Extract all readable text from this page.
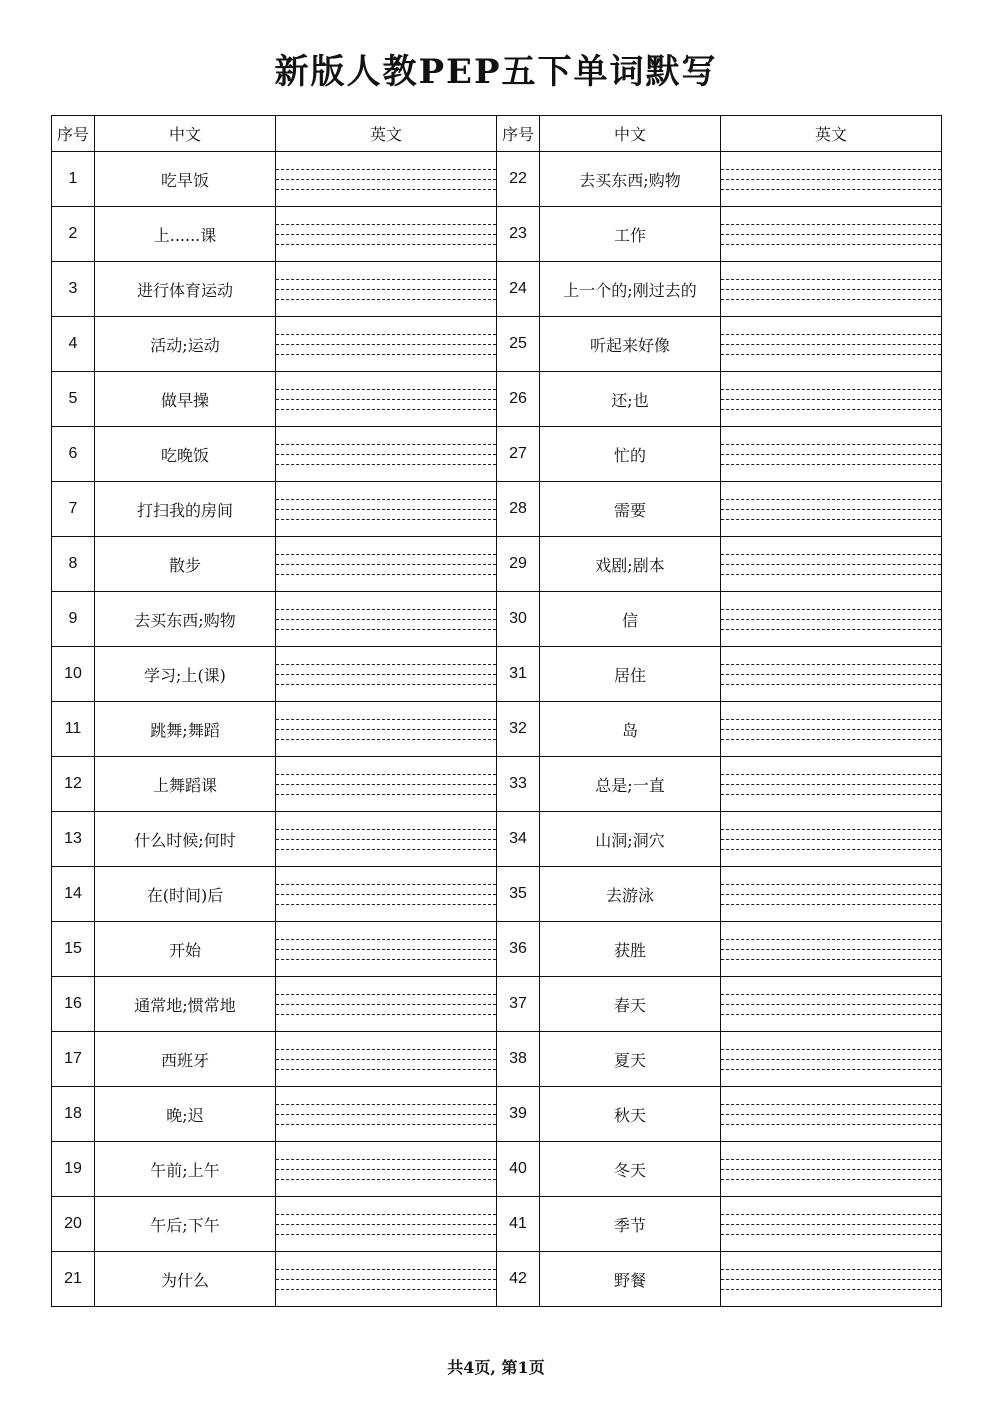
新版人教PEP五下单词默写
序号	中文	英文	序号	中文	英文
1	吃早饭		22	去买东西;购物	

2	上......课		23	工作	

3	进行体育运动		24	上一个的;刚过去的	

4	活动;运动		25	听起来好像	

5	做早操		26	还;也	

6	吃晚饭		27	忙的	

7	打扫我的房间		28	需要	

8	散步		29	戏剧;剧本	

9	去买东西;购物		30	信	

10	学习;上(课)		31	居住	

11	跳舞;舞蹈		32	岛	

12	上舞蹈课		33	总是;一直	

13	什么时候;何时		34	山洞;洞穴	

14	在(时间)后		35	去游泳	

15	开始		36	获胜	

16	通常地;惯常地		37	春天	

17	西班牙		38	夏天	

18	晚;迟		39	秋天	

19	午前;上午		40	冬天	

20	午后;下午		41	季节	

21	为什么		42	野餐	
共4页, 第1页
